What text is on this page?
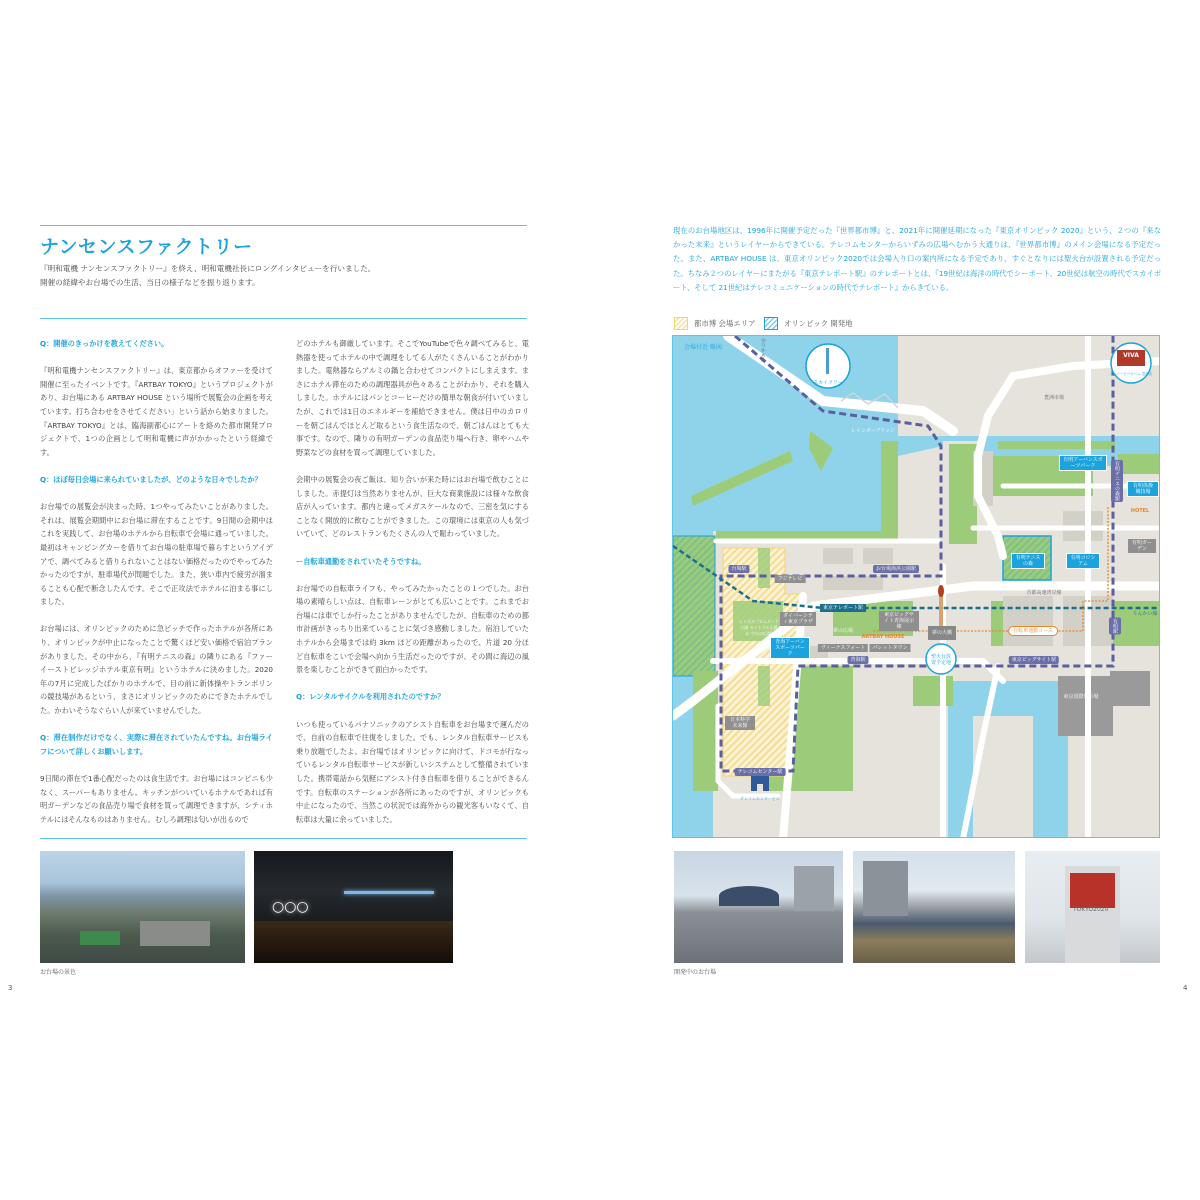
ナンセンスファクトリー
『明和電機 ナンセンスファクトリー』を終え、明和電機社長にロングインタビューを行いました。
開催の経緯やお台場での生活、当日の様子などを振り返ります。

Q：開催のきっかけを教えてください。

『明和電機ナンセンスファクトリー』は、東京都からオファーを受けて開催に至ったイベントです。『ARTBAY TOKYO』というプロジェクトがあり、お台場にある ARTBAY HOUSE という場所で展覧会の企画を考えています。打ち合わせをさせてください」という話から始まりました。『ARTBAY TOKYO』とは、臨海副都心にアートを絡めた都市開発プロジェクトで、1つの企画として明和電機に声がかかったという経緯です。

Q：ほぼ毎日会場に来られていましたが、どのような日々でしたか？

お台場での展覧会が決まった時、1つやってみたいことがありました。それは、展覧会期間中にお台場に滞在することです。9日間の会期中はこれを実践して、お台場のホテルから自転車で会場に通っていました。最初はキャンピングカーを借りてお台場の駐車場で暮らすというアイデアで、調べてみると借りられないことはない価格だったのでやってみたかったのですが、駐車場代が問題でした。また、狭い車内で疲労が溜まることも心配で断念したんです。そこで正攻法でホテルに泊まる事にしました。

お台場には、オリンピックのために急ピッチで作ったホテルが各所にあり、オリンピックが中止になったことで驚くほど安い価格で宿泊プランがありました。その中から、『有明テニスの森』の隣りにある『ファーイーストビレッジホテル東京有明』というホテルに決めました。2020 年の7月に完成したばかりのホテルで、目の前に新体操やトランポリンの競技場があるという、まさにオリンピックのためにできたホテルでした。かわいそうなぐらい人が来ていませんでした。

Q：滞在制作だけでなく、実際に滞在されていたんですね。お台場ライフについて詳しくお願いします。

9日間の滞在で1番心配だったのは食生活です。お台場にはコンビニも少なく、スーパーもありません。キッチンがついているホテルであれば有明ガーデンなどの食品売り場で食材を買って調理できますが、シティホテルにはそんなものはありません。むしろ調理は匂いが出るので

どのホテルも御厳しています。そこでYouTubeで色々調べてみると、電熱器を使ってホテルの中で調理をしてる人がたくさんいることがわかりました。電熱器ならアルミの鍋と合わせてコンパクトにしまえます。まさにホテル滞在のための調理器具が色々あることがわかり、それを購入しました。ホテルにはパンとコーヒーだけの簡単な朝食が付いていましたが、これでは1日のエネルギーを補給できません。僕は日中のカロリーを朝ごはんでほとんど取るという食生活なので、朝ごはんはとても大事です。なので、隣りの有明ガーデンの食品売り場へ行き、卵やハムや野菜などの食材を買って調理していました。

会期中の展覧会の夜ご飯は、知り合いが来た時にはお台場で飲むことにしました。赤提灯は当然ありませんが、巨大な商業施設には様々な飲食店が入っています。都内と違ってメガスケールなので、三密を気にすることなく開放的に飲むことができました。この環境には東京の人も気づいていて、どのレストランもたくさんの人で賑わっていました。

ー自転車通勤をされていたそうですね。

お台場での自転車ライフも、やってみたかったことの１つでした。お台場の素晴らしい点は、自転車レーンがとても広いことです。これまでお台場には車でしか行ったことがありませんでしたが、自転車のための都市計画がきっちり出来ていることに気づき感動しました。宿泊していたホテルから会場までは約 3km ほどの距離があったので、片道 20 分ほど自転車をこいで会場へ向かう生活だったのですが、その間に海辺の風景を楽しむことができて面白かったです。

Q：レンタルサイクルを利用されたのですか？

いつも使っているパナソニックのアシスト自転車をお台場まで運んだので、自前の自転車で往復をしました。でも、レンタル自転車サービスも乗り放題でしたよ。お台場ではオリンピックに向けて、ドコモが行なっているレンタル自転車サービスが新しいシステムとして整備されていました。携帯電話から気軽にアシスト付き自転車を借りることができるんです。自転車のステーションが各所にあったのですが、オリンピックも中止になったので、当然この状況では海外からの観光客もいなくて、自転車は大量に余っていました。

○○○
お台場の景色
3
現在のお台場地区は、1996年に開催予定だった『世界都市博』と、2021年に開催延期になった『東京オリンピック 2020』という、２つの『来なかった未来』というレイヤーからできている。テレコムセンターからいずみの広場へむかう大通りは、『世界都市博』のメイン会場になる予定だった。また、ARTBAY HOUSE は、東京オリンピック2020では会場入り口の案内所になる予定であり、すぐとなりには聖火台が設置される予定だった。ちなみ２つのレイヤーにまたがる『東京テレポート駅』のテレポートとは、『19世紀は海洋の時代でシーポート、20世紀は航空の時代でスカイポート、そして 21世紀はテレコミュニケーションの時代でテレポート』からきている。
都市博 会場エリア	オリンピック 開発地
会場付近 略図	ゆりかもめ
スカイツリー
レインボーブリッジ
豊洲市場
VIVA
スーパービバホーム 豊洲店
有明アーバンスポーツパーク	有明テニスの森駅	有明体操競技場
HOTEL
有明ガーデン
有明テニスの森
有明コロシアム
台場駅	お台場海浜公園駅
フジテレビ
東京テレポート駅
ダイバーシティ東京プラザ
シンボルプロムナード公園 セントラル広場 (いずみの広場)
青海アーバンスポーツパーク
夢の広場
ARTBAY HOUSE
東京ビッグサイト青海展示棟
ヴィーナスフォート	パレットタウン
青海駅
夢の大橋
聖火台設置予定地
首都高速湾岸線
自転車通勤コース
東京ビッグサイト駅
有明駅
りんかい線
東京国際展示場
日本科学未来館
テレコムセンター駅
テレコムセンタービル
TOKYO2020
開発中のお台場
4
